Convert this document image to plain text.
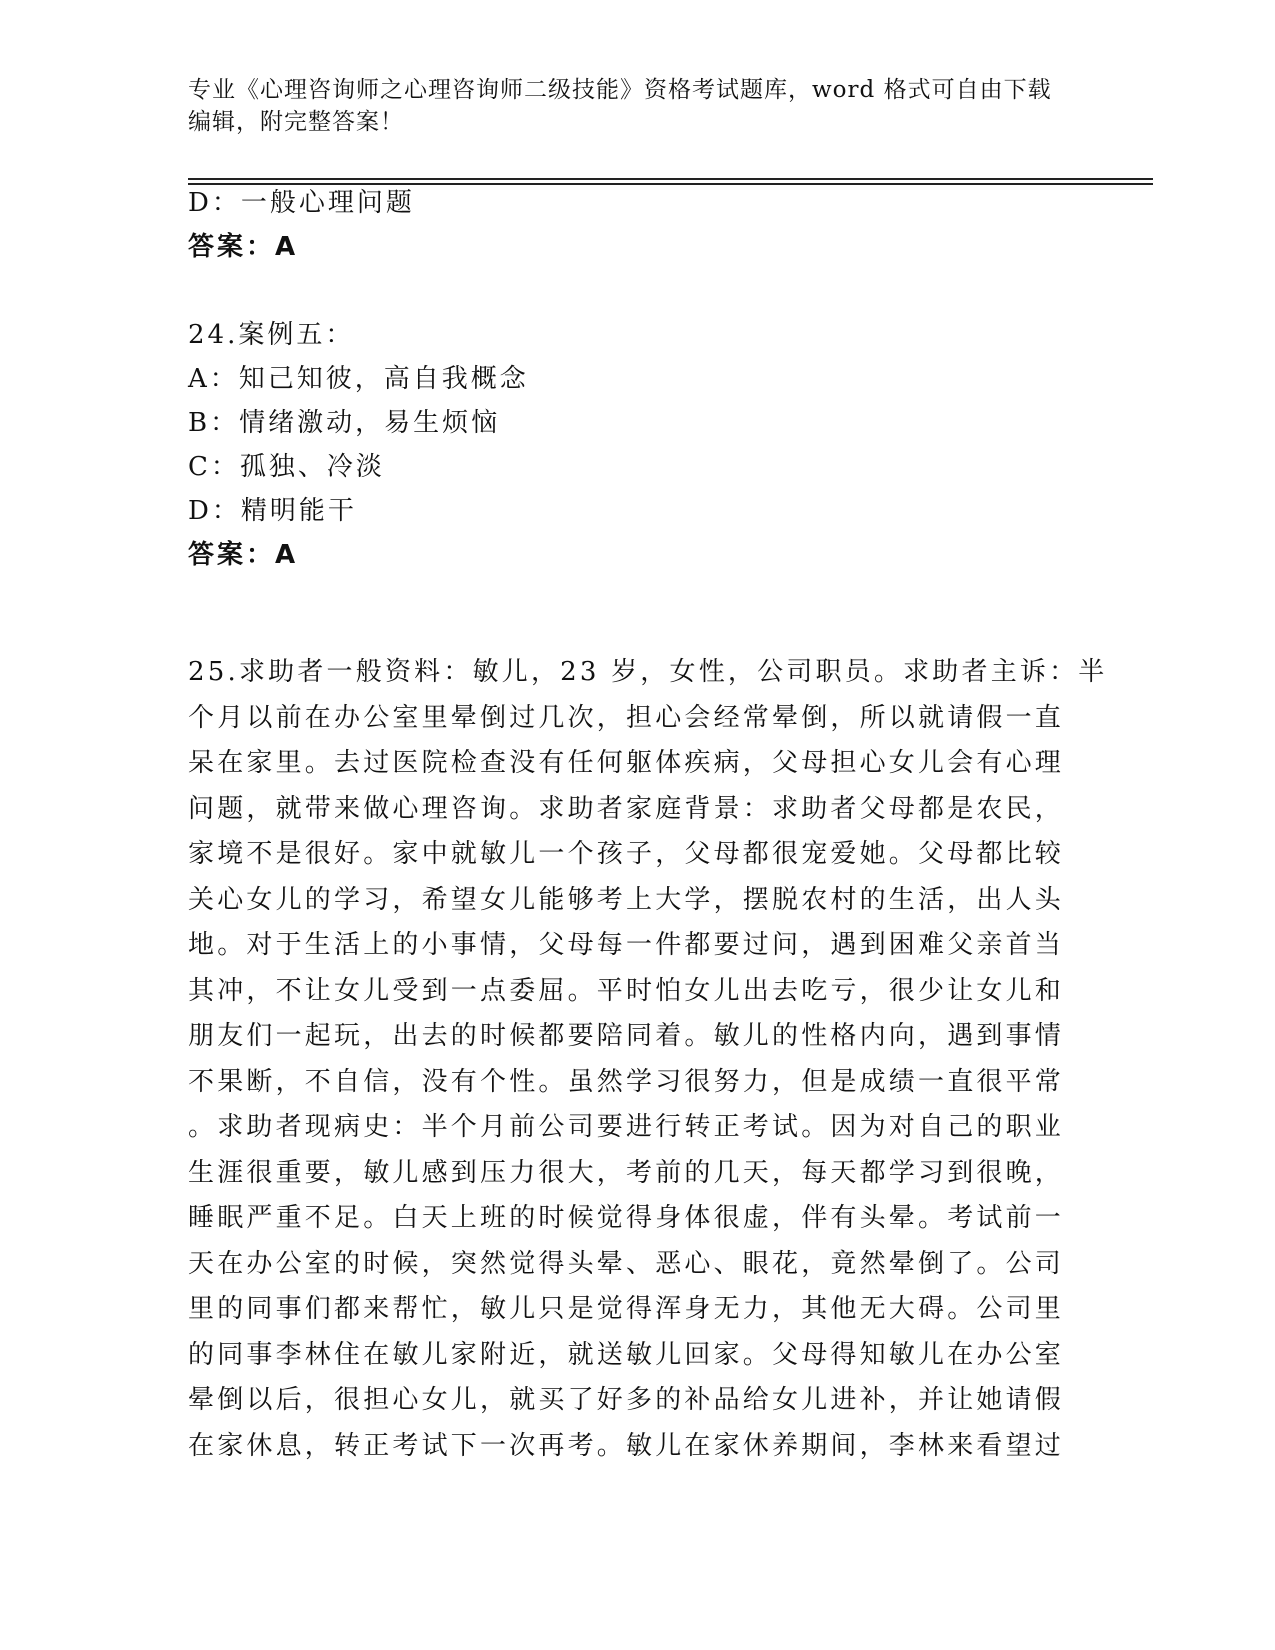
专业《心理咨询师之心理咨询师二级技能》资格考试题库，word 格式可自由下载
编辑，附完整答案！
D：一般心理问题
答案：A
24.案例五：
A：知己知彼，高自我概念
B：情绪激动，易生烦恼
C：孤独、冷淡
D：精明能干
答案：A
25.求助者一般资料：敏儿，23 岁，女性，公司职员。求助者主诉：半
个月以前在办公室里晕倒过几次，担心会经常晕倒，所以就请假一直
呆在家里。去过医院检查没有任何躯体疾病，父母担心女儿会有心理
问题，就带来做心理咨询。求助者家庭背景：求助者父母都是农民，
家境不是很好。家中就敏儿一个孩子，父母都很宠爱她。父母都比较
关心女儿的学习，希望女儿能够考上大学，摆脱农村的生活，出人头
地。对于生活上的小事情，父母每一件都要过问，遇到困难父亲首当
其冲，不让女儿受到一点委屈。平时怕女儿出去吃亏，很少让女儿和
朋友们一起玩，出去的时候都要陪同着。敏儿的性格内向，遇到事情
不果断，不自信，没有个性。虽然学习很努力，但是成绩一直很平常
。求助者现病史：半个月前公司要进行转正考试。因为对自己的职业
生涯很重要，敏儿感到压力很大，考前的几天，每天都学习到很晚，
睡眠严重不足。白天上班的时候觉得身体很虚，伴有头晕。考试前一
天在办公室的时候，突然觉得头晕、恶心、眼花，竟然晕倒了。公司
里的同事们都来帮忙，敏儿只是觉得浑身无力，其他无大碍。公司里
的同事李林住在敏儿家附近，就送敏儿回家。父母得知敏儿在办公室
晕倒以后，很担心女儿，就买了好多的补品给女儿进补，并让她请假
在家休息，转正考试下一次再考。敏儿在家休养期间，李林来看望过
